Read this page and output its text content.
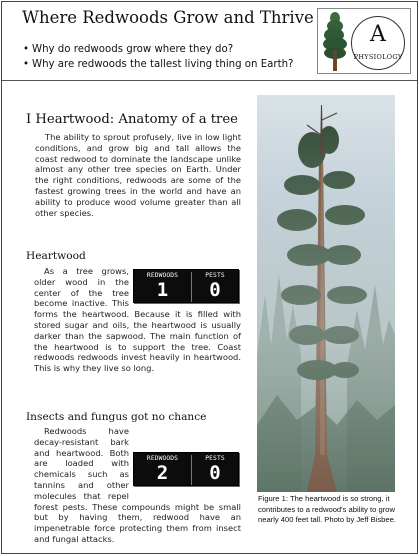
Where Redwoods Grow and Thrive
• Why do redwoods grow where they do?
• Why are redwoods the tallest living thing on Earth?
A
PHYSIOLOGY
I Heartwood: Anatomy of a tree

The ability to sprout profusely, live in low light conditions, and grow big and tall allows the coast redwood to dominate the landscape unlike almost any other tree species on Earth. Under the right conditions, redwoods are some of the fastest growing trees in the world and have an ability to produce wood volume greater than all other species.

Heartwood

REDWOODS
1
PESTS
0
As a tree grows, older wood in the center of the tree become inactive. This forms the heartwood. Because it is filled with stored sugar and oils, the heartwood is usually darker than the sapwood. The main function of the heartwood is to support the tree. Coast redwoods redwoods invest heavily in heartwood. This is why they live so long.

Insects and fungus got no chance

REDWOODS
2
PESTS
0
Redwoods have decay-resistant bark and heartwood. Both are loaded with chemicals such as tannins and other molecules that repel forest pests. These compounds might be small but by having them, redwood have an impenetrable force protecting them from insect and fungal attacks.

Figure 1: The heartwood is so strong, it contributes to a redwood's ability to grow nearly 400 feet tall. Photo by Jeff Bisbee.
